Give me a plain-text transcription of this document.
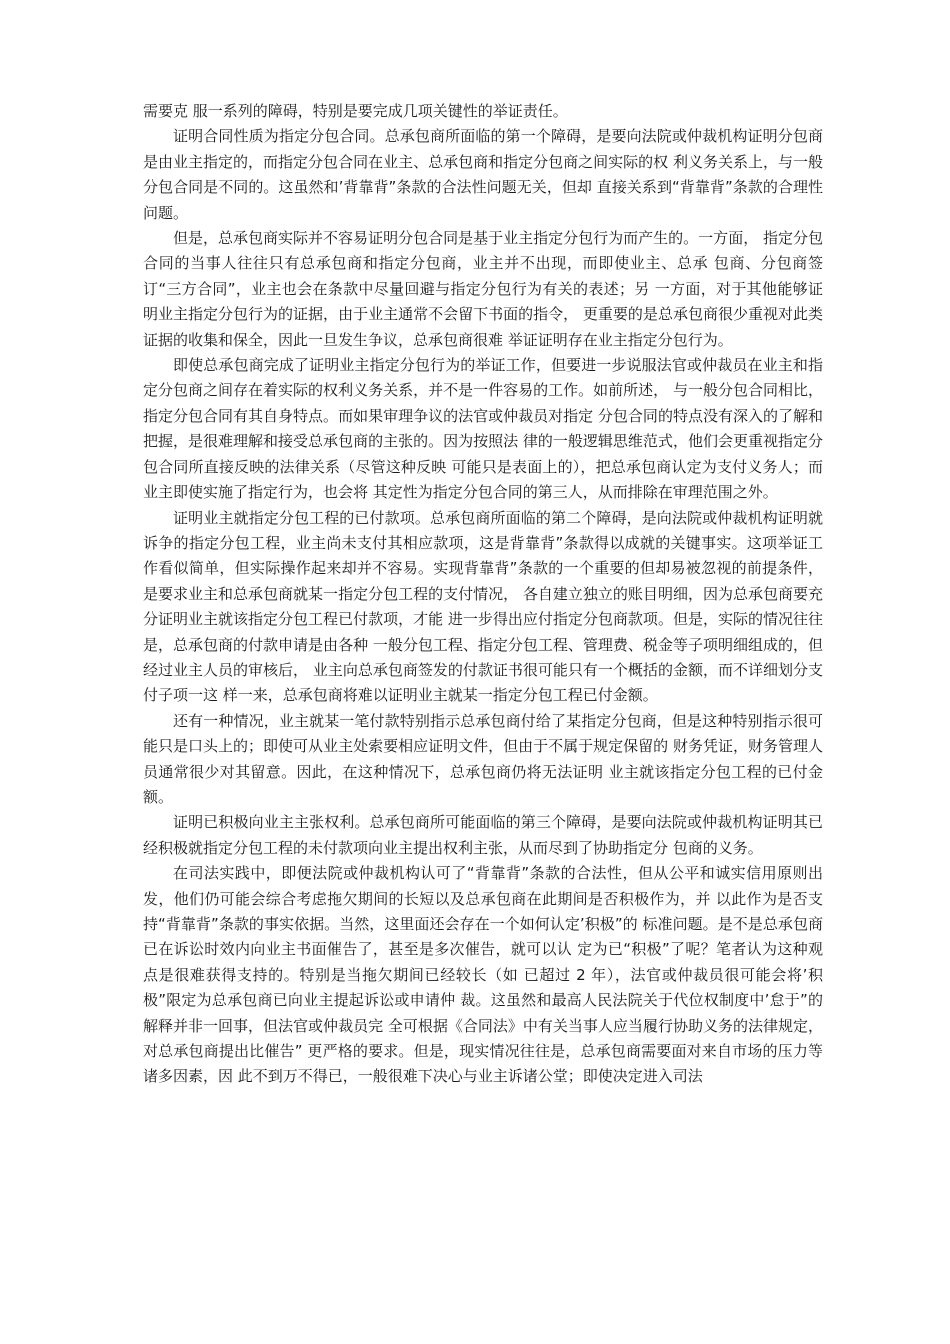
需要克 服一系列的障碍，特别是要完成几项关键性的举证责任。

证明合同性质为指定分包合同。总承包商所面临的第一个障碍，是要向法院或仲裁机构证明分包商是由业主指定的，而指定分包合同在业主、总承包商和指定分包商之间实际的权 利义务关系上，与一般分包合同是不同的。这虽然和’背靠背”条款的合法性问题无关，但却 直接关系到“背靠背”条款的合理性问题。

但是，总承包商实际并不容易证明分包合同是基于业主指定分包行为而产生的。一方面， 指定分包合同的当事人往往只有总承包商和指定分包商，业主并不出现，而即使业主、总承 包商、分包商签订“三方合同”，业主也会在条款中尽量回避与指定分包行为有关的表述；另 一方面，对于其他能够证明业主指定分包行为的证据，由于业主通常不会留下书面的指令， 更重要的是总承包商很少重视对此类证据的收集和保全，因此一旦发生争议，总承包商很难 举证证明存在业主指定分包行为。

即使总承包商完成了证明业主指定分包行为的举证工作，但要进一步说服法官或仲裁员在业主和指定分包商之间存在着实际的权利义务关系，并不是一件容易的工作。如前所述， 与一般分包合同相比，指定分包合同有其自身特点。而如果审理争议的法官或仲裁员对指定 分包合同的特点没有深入的了解和把握，是很难理解和接受总承包商的主张的。因为按照法 律的一般逻辑思维范式，他们会更重视指定分包合同所直接反映的法律关系（尽管这种反映 可能只是表面上的），把总承包商认定为支付义务人；而业主即使实施了指定行为，也会将 其定性为指定分包合同的第三人，从而排除在审理范围之外。

证明业主就指定分包工程的已付款项。总承包商所面临的第二个障碍，是向法院或仲裁机构证明就诉争的指定分包工程，业主尚未支付其相应款项，这是背靠背”条款得以成就的关键事实。这项举证工作看似简单，但实际操作起来却并不容易。实现背靠背”条款的一个重要的但却易被忽视的前提条件，是要求业主和总承包商就某一指定分包工程的支付情况， 各自建立独立的账目明细，因为总承包商要充分证明业主就该指定分包工程已付款项，才能 进一步得出应付指定分包商款项。但是，实际的情况往往是，总承包商的付款申请是由各种 一般分包工程、指定分包工程、管理费、税金等子项明细组成的，但经过业主人员的审核后， 业主向总承包商签发的付款证书很可能只有一个概括的金额，而不详细划分支付子项一这 样一来，总承包商将难以证明业主就某一指定分包工程已付金额。

还有一种情况，业主就某一笔付款特别指示总承包商付给了某指定分包商，但是这种特别指示很可能只是口头上的；即使可从业主处索要相应证明文件，但由于不属于规定保留的 财务凭证，财务管理人员通常很少对其留意。因此，在这种情况下，总承包商仍将无法证明 业主就该指定分包工程的已付金额。

证明已积极向业主主张权利。总承包商所可能面临的第三个障碍，是要向法院或仲裁机构证明其已经积极就指定分包工程的未付款项向业主提出权利主张，从而尽到了协助指定分 包商的义务。

在司法实践中，即便法院或仲裁机构认可了“背靠背”条款的合法性，但从公平和诚实信用原则出发，他们仍可能会综合考虑拖欠期间的长短以及总承包商在此期间是否积极作为，并 以此作为是否支持“背靠背”条款的事实依据。当然，这里面还会存在一个如何认定’积极”的 标准问题。是不是总承包商已在诉讼时效内向业主书面催告了，甚至是多次催告，就可以认 定为已“积极”了呢？笔者认为这种观点是很难获得支持的。特别是当拖欠期间已经较长（如 已超过 2 年），法官或仲裁员很可能会将’积极”限定为总承包商已向业主提起诉讼或申请仲 裁。这虽然和最高人民法院关于代位权制度中’怠于”的解释并非一回事，但法官或仲裁员完 全可根据《合同法》中有关当事人应当履行协助义务的法律规定，对总承包商提出比催告” 更严格的要求。但是，现实情况往往是，总承包商需要面对来自市场的压力等诸多因素，因 此不到万不得已，一般很难下决心与业主诉诸公堂；即使决定进入司法
